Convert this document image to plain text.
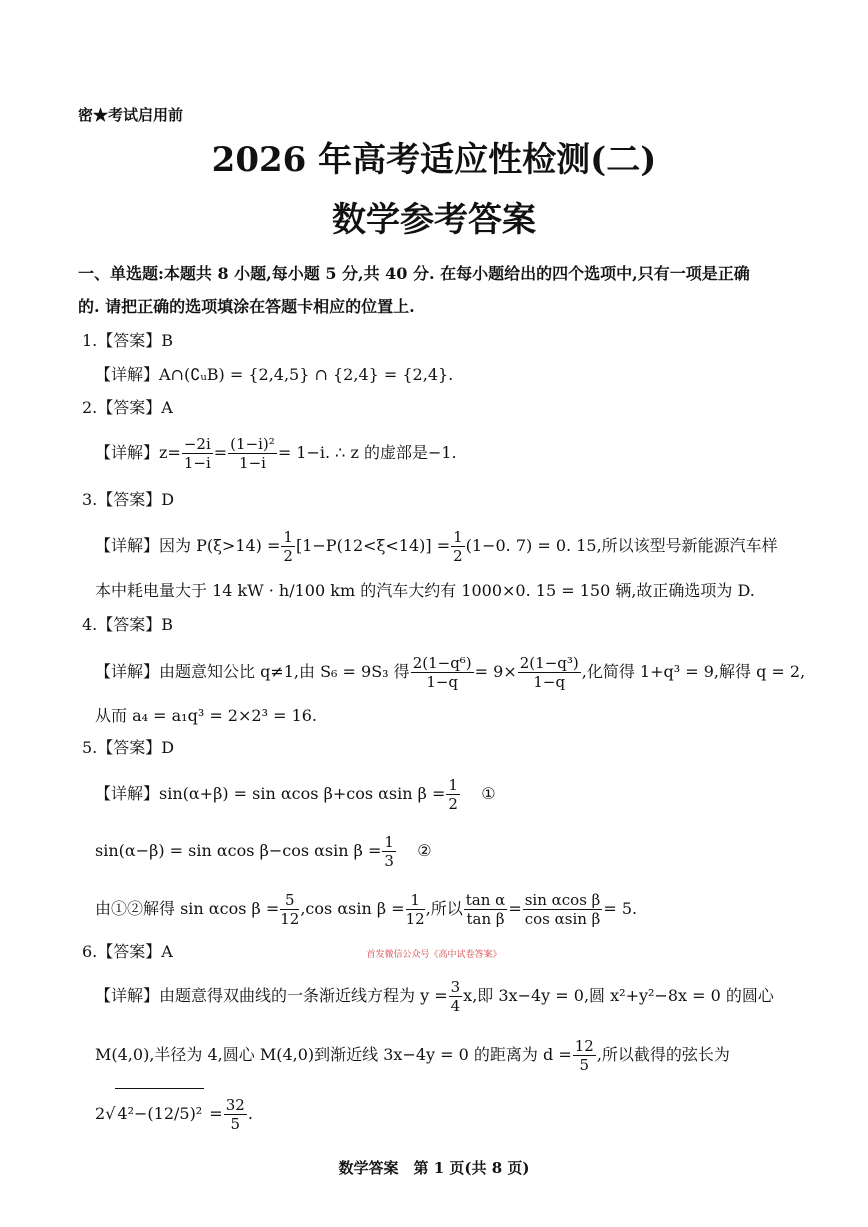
密★考试启用前
2026 年高考适应性检测(二)
数学参考答案
一、单选题:本题共 8 小题,每小题 5 分,共 40 分. 在每小题给出的四个选项中,只有一项是正确
的. 请把正确的选项填涂在答题卡相应的位置上.
1.【答案】B
【详解】A∩(∁ᵤB) = {2,4,5} ∩ {2,4} = {2,4}.
2.【答案】A
【详解】$z= \frac{-2i}{1-i} = \frac{\text{(1−i)²}}{1-i} = 1-i$. ∴ z 的虚部是−1.
3.【答案】D
【详解】因为 $P(\xi>14) = \frac{1}{2} [1-P(12<\xi<14)] = \frac{1}{2} (1-0$. 7) = 0. 15,所以该型号新能源汽车样
本中耗电量大于 14 kW · h/100 km 的汽车大约有 1000×0. 15 = 150 辆,故正确选项为 D.
4.【答案】B
【详解】由题意知公比 q≠1,由 S₆ = 9S₃ 得 $\frac{\text{2(1−q⁶)}}{1-q} = 9\times \frac{\text{2(1−q³)}}{1-q}$ ,化简得 1+q³ = 9,解得 q = 2,
从而 a₄ = a₁q³ = 2×2³ = 16.
5.【答案】D
【详解】sin(α+β) = sin αcos β+cos αsin $\beta = \frac{1}{2}$ ①
sin(α−β) = sin αcos β−cos αsin $\beta = \frac{1}{3}$ ②
由①②解得 sin αcos $\beta = \frac{5}{12} ,\cos$ αsin $\beta = \frac{1}{12}$ ,所以 $\frac{\text{tan α}}{\text{tan β}} = \frac{\text{sin αcos β}}{\text{cos αsin β}} = 5$.
首发微信公众号《高中试卷答案》
6.【答案】A
【详解】由题意得双曲线的一条渐近线方程为 $y = \frac{3}{4} x$,即 3x−4y = 0,圆 x²+y²−8x = 0 的圆心
M(4,0),半径为 4,圆心 M(4,0)到渐近线 3x−4y = 0 的距离为 $d = \frac{12}{5}$ ,所以截得的弦长为
2√ $4^2-(12/5)^2 = \frac{32}{5}$ .
数学答案　第 1 页(共 8 页)
